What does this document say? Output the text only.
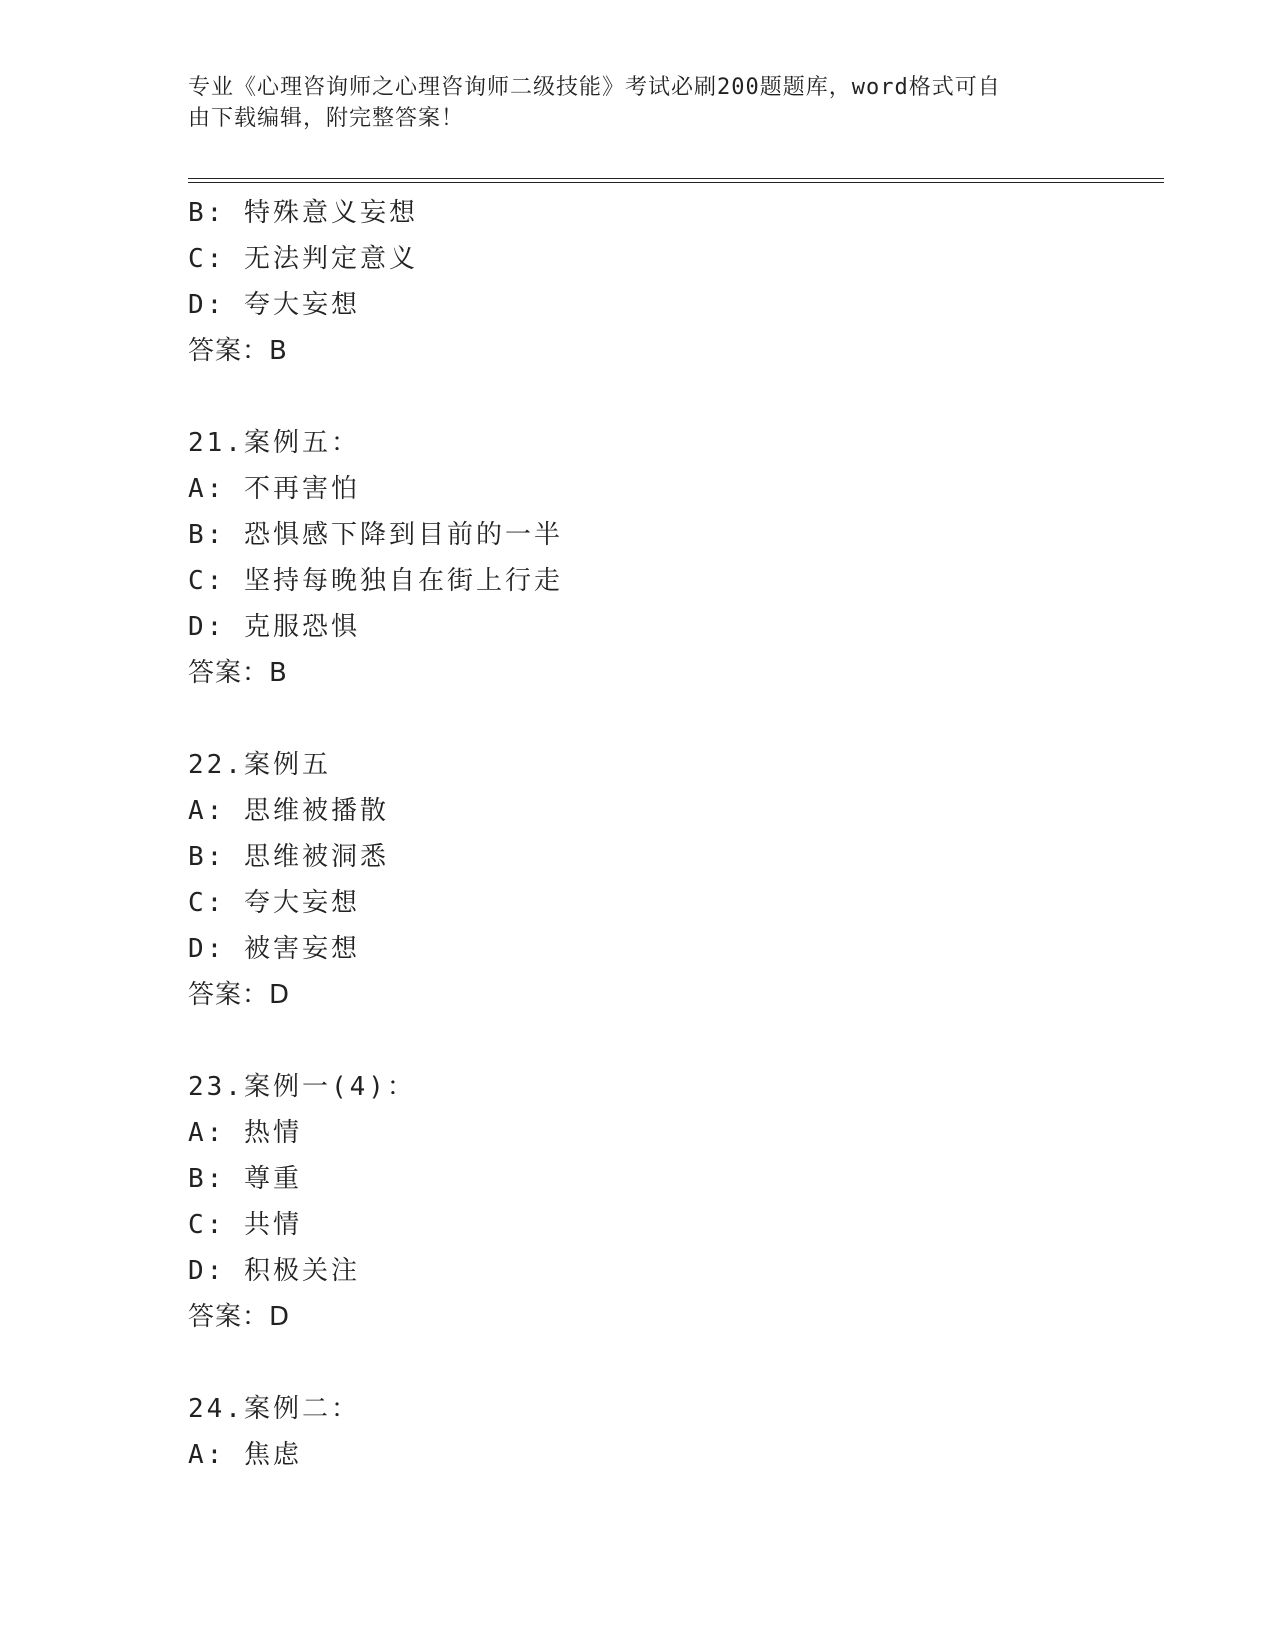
专业《心理咨询师之心理咨询师二级技能》考试必刷200题题库，word格式可自
由下载编辑，附完整答案！
B: 特殊意义妄想
C: 无法判定意义
D: 夸大妄想
答案：B
21.案例五：
A: 不再害怕
B: 恐惧感下降到目前的一半
C: 坚持每晚独自在街上行走
D: 克服恐惧
答案：B
22.案例五
A: 思维被播散
B: 思维被洞悉
C: 夸大妄想
D: 被害妄想
答案：D
23.案例一(4)：
A: 热情
B: 尊重
C: 共情
D: 积极关注
答案：D
24.案例二：
A: 焦虑
